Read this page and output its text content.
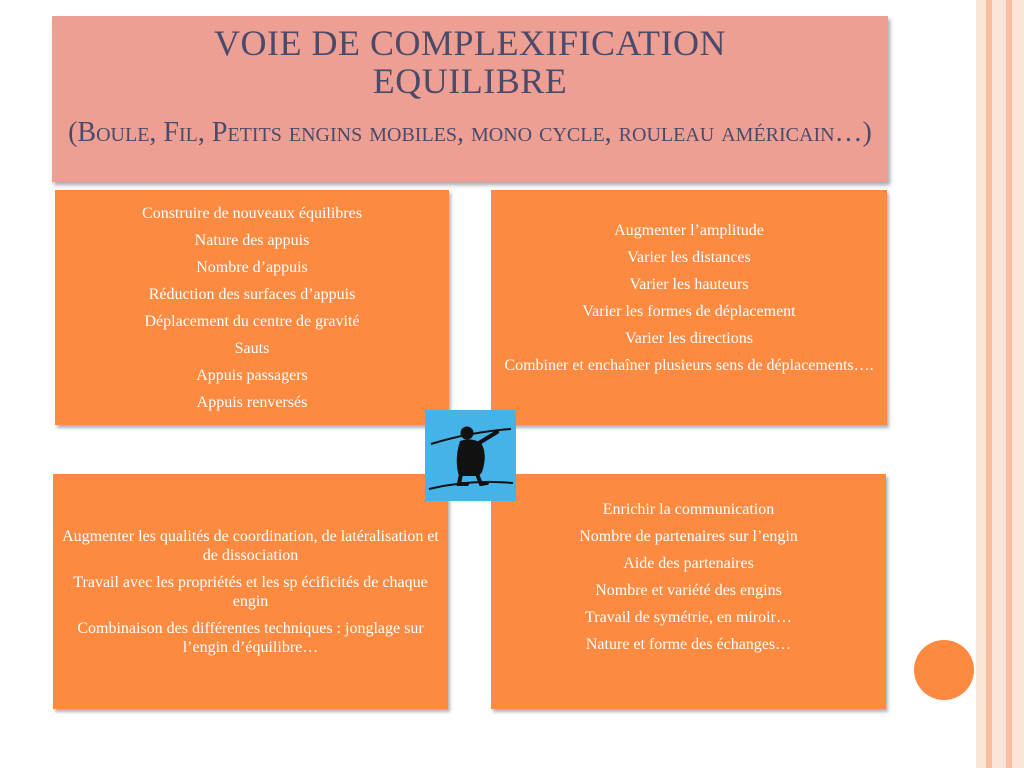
VOIE DE COMPLEXIFICATION
EQUILIBRE
(Boule, Fil, Petits engins mobiles, mono cycle, rouleau américain…)
Construire de nouveaux équilibres
Nature des appuis
Nombre d’appuis
Réduction des surfaces d’appuis
Déplacement du centre de gravité
Sauts
Appuis passagers
Appuis renversés
Augmenter l’amplitude
Varier les distances
Varier les hauteurs
Varier les formes de déplacement
Varier les directions
Combiner et enchaîner plusieurs sens de déplacements….
Augmenter les qualités de coordination, de latéralisation et de dissociation
Travail avec les propriétés et les sp écificités de chaque engin
Combinaison des différentes techniques : jonglage sur l’engin d’équilibre…
Enrichir la communication
Nombre de partenaires sur l’engin
Aide des partenaires
Nombre et variété des engins
Travail de symétrie, en miroir…
Nature et forme des échanges…
